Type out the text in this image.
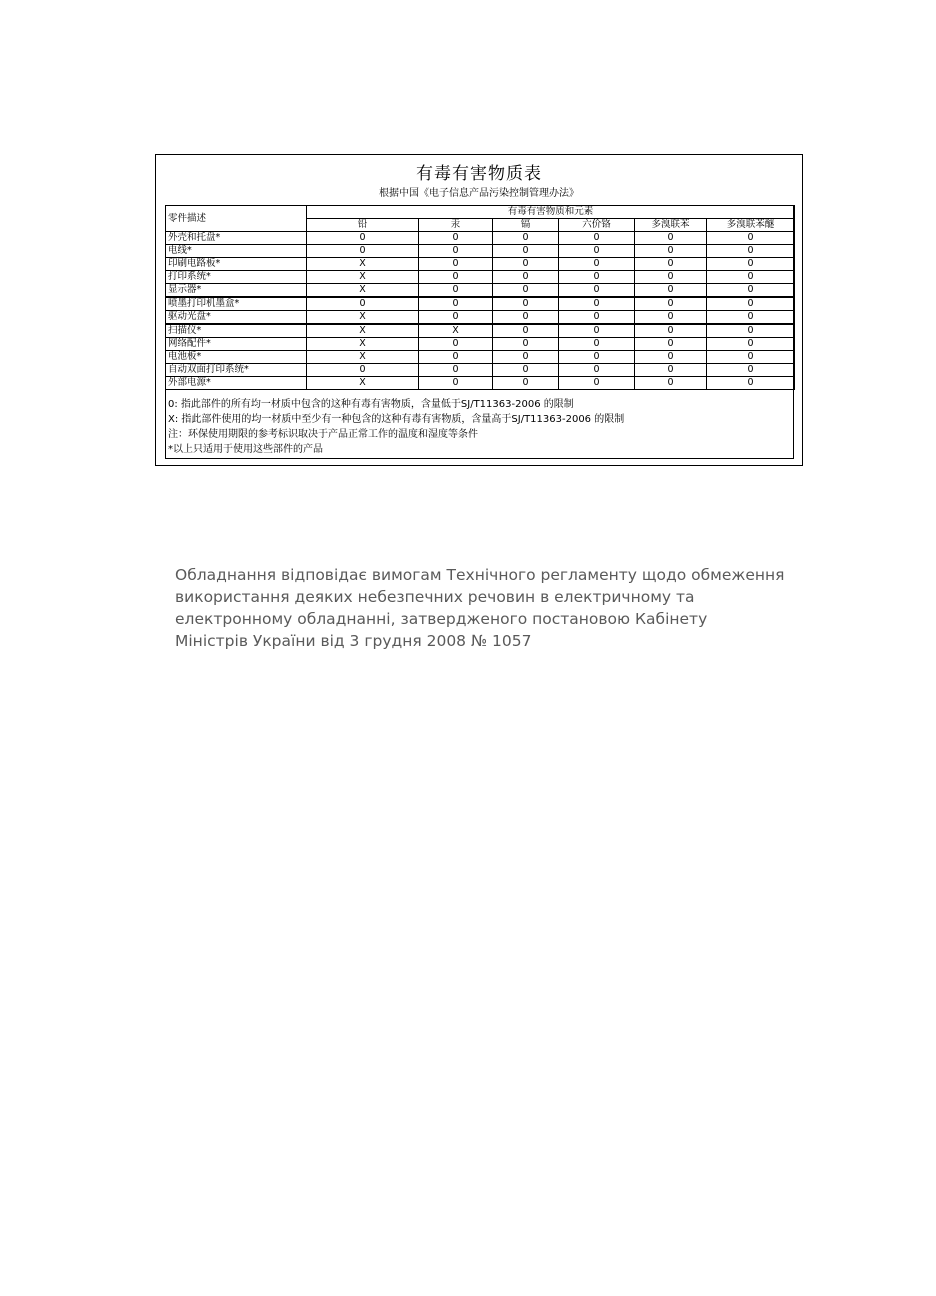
有毒有害物质表
根据中国《电子信息产品污染控制管理办法》
零件描述	有毒有害物质和元素					
	铅	汞	镉	六价铬	多溴联苯	多溴联苯醚
外壳和托盘*	0	0	0	0	0	0
电线*	0	0	0	0	0	0
印刷电路板*	X	0	0	0	0	0
打印系统*	X	0	0	0	0	0
显示器*	X	0	0	0	0	0
喷墨打印机墨盒*	0	0	0	0	0	0
驱动光盘*	X	0	0	0	0	0
扫描仪*	X	X	0	0	0	0
网络配件*	X	0	0	0	0	0
电池板*	X	0	0	0	0	0
自动双面打印系统*	0	0	0	0	0	0
外部电源*	X	0	0	0	0	0
0: 指此部件的所有均一材质中包含的这种有毒有害物质，含量低于SJ/T11363-2006 的限制
X: 指此部件使用的均一材质中至少有一种包含的这种有毒有害物质，含量高于SJ/T11363-2006 的限制
注：环保使用期限的参考标识取决于产品正常工作的温度和湿度等条件
*以上只适用于使用这些部件的产品
Обладнання відповідає вимогам Технічного регламенту щодо обмеження використання деяких небезпечних речовин в електричному та електронному обладнанні, затвердженого постановою Кабінету Міністрів України від 3 грудня 2008 № 1057
